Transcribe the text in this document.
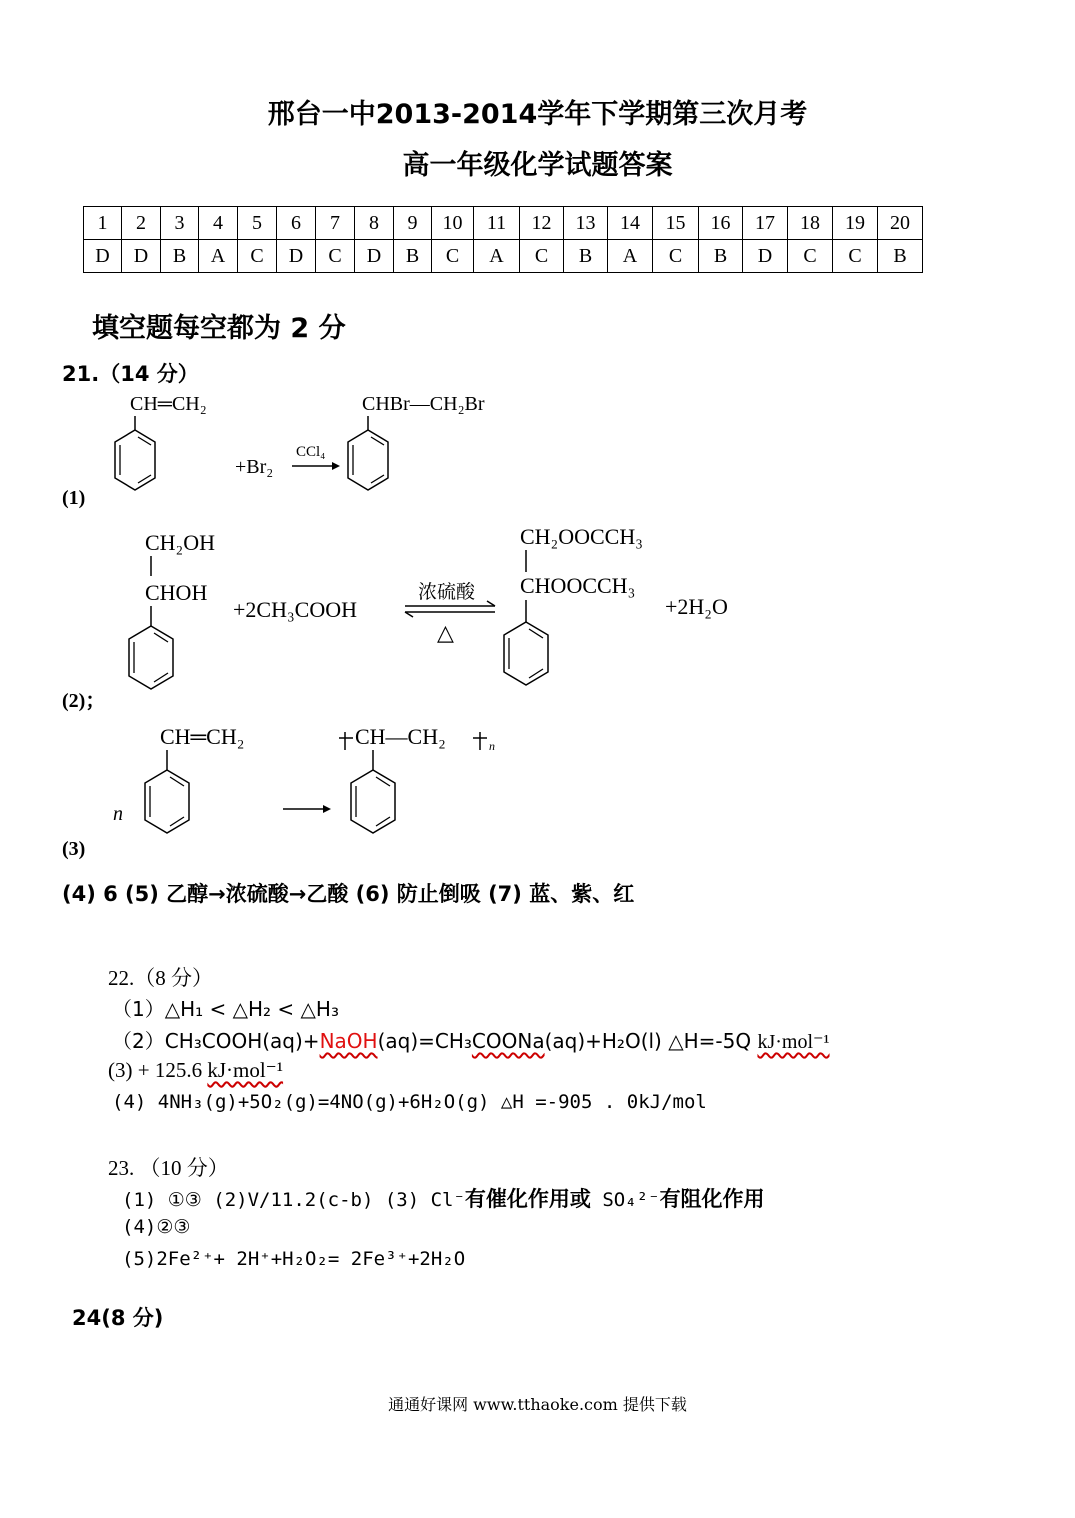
邢台一中2013-2014学年下学期第三次月考
高一年级化学试题答案
1	2	3	4	5	6	7	8	9	10	11	12	13	14	15	16	17	18	19	20
D	D	B	A	C	D	C	D	B	C	A	C	B	A	C	B	D	C	C	B
填空题每空都为 2 分
21.（14 分）
CH═CH₂
+Br₂
CCl₄
CHBr—CH₂Br
(1)
CH₂OH
CHOH
+2CH₃COOH
浓硫酸
△
CH₂OOCCH₃
CHOOCCH₃
+2H₂O
(2)；
CH═CH₂
n
CH—CH₂	n
(3)
(4) 6 (5) 乙醇→浓硫酸→乙酸 (6) 防止倒吸 (7) 蓝、紫、红
22.（8 分）
（1）△H₁ < △H₂ < △H₃
（2）CH₃COOH(aq)+NaOH(aq)=CH₃COONa(aq)+H₂O(l) △H=-5Q kJ·mol⁻¹
(3) + 125.6 kJ·mol⁻¹
(4) 4NH₃(g)+5O₂(g)=4NO(g)+6H₂O(g) △H =-905 . 0kJ/mol
23. （10 分）
(1) ①③ (2)V/11.2(c-b) (3) Cl⁻有催化作用或 SO₄²⁻有阻化作用
(4)②③
(5)2Fe²⁺+ 2H⁺+H₂O₂= 2Fe³⁺+2H₂O
24(8 分)
通通好课网 www.tthaoke.com 提供下载
